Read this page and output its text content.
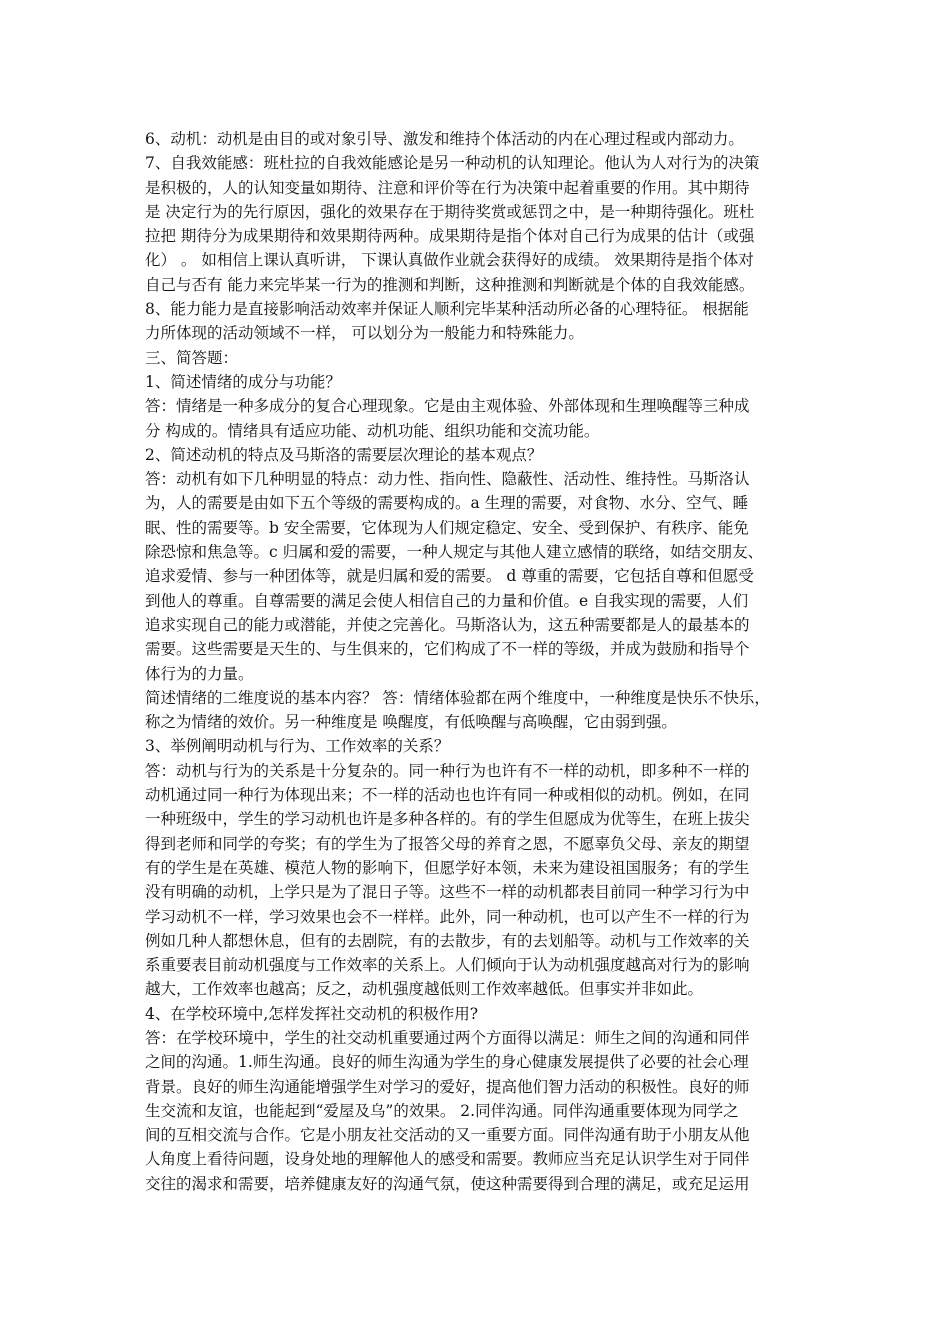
6、动机：动机是由目的或对象引导、激发和维持个体活动的内在心理过程或内部动力。
7、自我效能感：班杜拉的自我效能感论是另一种动机的认知理论。他认为人对行为的决策
是积极的，人的认知变量如期待、注意和评价等在行为决策中起着重要的作用。其中期待
是 决定行为的先行原因，强化的效果存在于期待奖赏或惩罚之中，是一种期待强化。班杜
拉把 期待分为成果期待和效果期待两种。成果期待是指个体对自己行为成果的估计（或强
化） 。 如相信上课认真听讲， 下课认真做作业就会获得好的成绩。 效果期待是指个体对
自己与否有 能力来完毕某一行为的推测和判断，这种推测和判断就是个体的自我效能感。
8、能力能力是直接影响活动效率并保证人顺利完毕某种活动所必备的心理特征。 根据能
力所体现的活动领域不一样， 可以划分为一般能力和特殊能力。
三、简答题：
1、简述情绪的成分与功能？
答：情绪是一种多成分的复合心理现象。它是由主观体验、外部体现和生理唤醒等三种成
分 构成的。情绪具有适应功能、动机功能、组织功能和交流功能。
2、简述动机的特点及马斯洛的需要层次理论的基本观点？
答：动机有如下几种明显的特点：动力性、指向性、隐蔽性、活动性、维持性。马斯洛认
为，人的需要是由如下五个等级的需要构成的。a 生理的需要，对食物、水分、空气、睡
眠、性的需要等。b 安全需要，它体现为人们规定稳定、安全、受到保护、有秩序、能免
除恐惊和焦急等。c 归属和爱的需要，一种人规定与其他人建立感情的联络，如结交朋友、
追求爱情、参与一种团体等，就是归属和爱的需要。 d 尊重的需要，它包括自尊和但愿受
到他人的尊重。自尊需要的满足会使人相信自己的力量和价值。e 自我实现的需要，人们
追求实现自己的能力或潜能，并使之完善化。马斯洛认为，这五种需要都是人的最基本的
需要。这些需要是天生的、与生俱来的，它们构成了不一样的等级，并成为鼓励和指导个
体行为的力量。
简述情绪的二维度说的基本内容？ 答：情绪体验都在两个维度中，一种维度是快乐不快乐，
称之为情绪的效价。另一种维度是 唤醒度，有低唤醒与高唤醒，它由弱到强。
3、举例阐明动机与行为、工作效率的关系？
答：动机与行为的关系是十分复杂的。同一种行为也许有不一样的动机，即多种不一样的
动机通过同一种行为体现出来；不一样的活动也也许有同一种或相似的动机。例如，在同
一种班级中，学生的学习动机也许是多种各样的。有的学生但愿成为优等生，在班上拔尖
得到老师和同学的夸奖；有的学生为了报答父母的养育之恩，不愿辜负父母、亲友的期望
有的学生是在英雄、模范人物的影响下，但愿学好本领，未来为建设祖国服务；有的学生
没有明确的动机，上学只是为了混日子等。这些不一样的动机都表目前同一种学习行为中
学习动机不一样，学习效果也会不一样样。此外，同一种动机，也可以产生不一样的行为
例如几种人都想休息，但有的去剧院，有的去散步，有的去划船等。动机与工作效率的关
系重要表目前动机强度与工作效率的关系上。人们倾向于认为动机强度越高对行为的影响
越大，工作效率也越高；反之，动机强度越低则工作效率越低。但事实并非如此。
4、在学校环境中,怎样发挥社交动机的积极作用?
答：在学校环境中，学生的社交动机重要通过两个方面得以满足：师生之间的沟通和同伴
之间的沟通。1.师生沟通。良好的师生沟通为学生的身心健康发展提供了必要的社会心理
背景。良好的师生沟通能增强学生对学习的爱好，提高他们智力活动的积极性。良好的师
生交流和友谊，也能起到“爱屋及乌”的效果。 2.同伴沟通。同伴沟通重要体现为同学之
间的互相交流与合作。它是小朋友社交活动的又一重要方面。同伴沟通有助于小朋友从他
人角度上看待问题，设身处地的理解他人的感受和需要。教师应当充足认识学生对于同伴
交往的渴求和需要，培养健康友好的沟通气氛，使这种需要得到合理的满足，或充足运用
